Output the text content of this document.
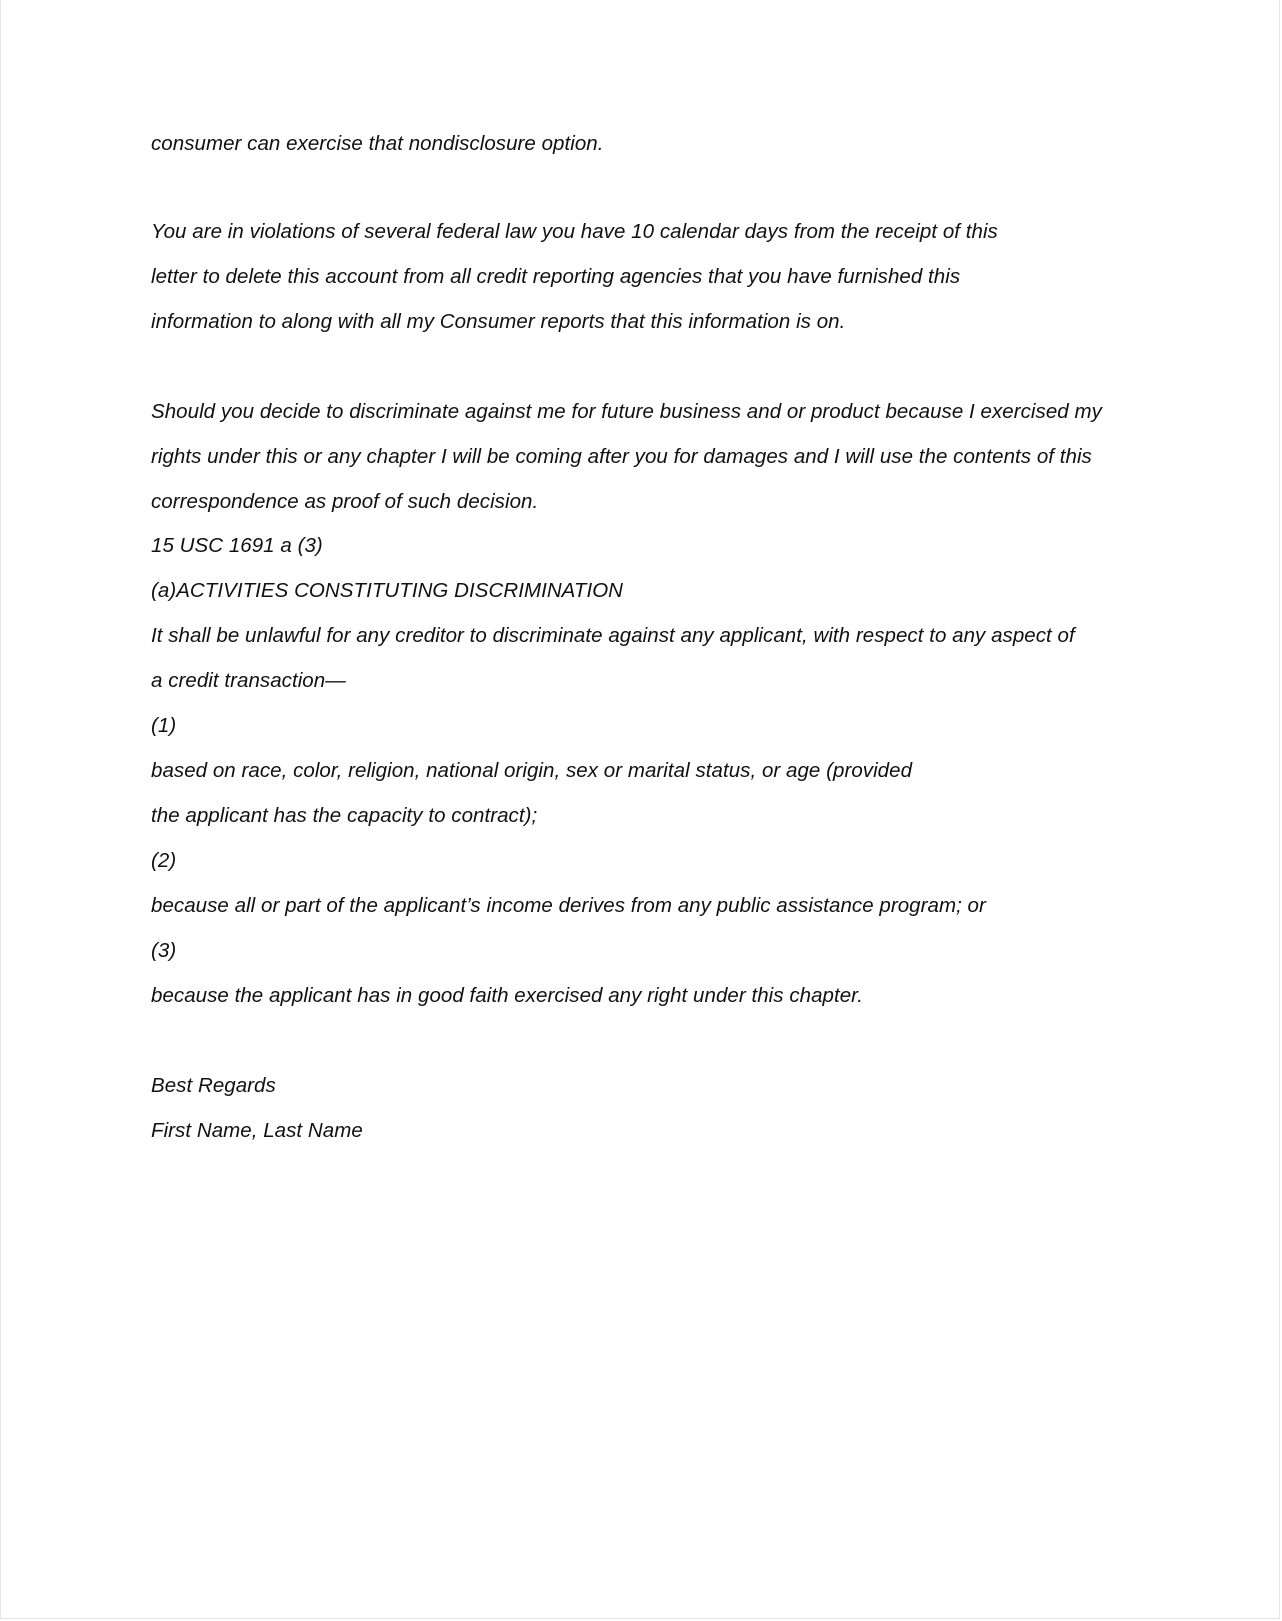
consumer can exercise that nondisclosure option.

You are in violations of several federal law you have 10 calendar days from the receipt of this

letter to delete this account from all credit reporting agencies that you have furnished this

information to along with all my Consumer reports that this information is on.

Should you decide to discriminate against me for future business and or product because I exercised my

rights under this or any chapter I will be coming after you for damages and I will use the contents of this

correspondence as proof of such decision.

15 USC 1691 a (3)

(a)ACTIVITIES CONSTITUTING DISCRIMINATION

It shall be unlawful for any creditor to discriminate against any applicant, with respect to any aspect of

a credit transaction—

(1)

based on race, color, religion, national origin, sex or marital status, or age (provided

the applicant has the capacity to contract);

(2)

because all or part of the applicant’s income derives from any public assistance program; or

(3)

because the applicant has in good faith exercised any right under this chapter.

Best Regards

First Name, Last Name
